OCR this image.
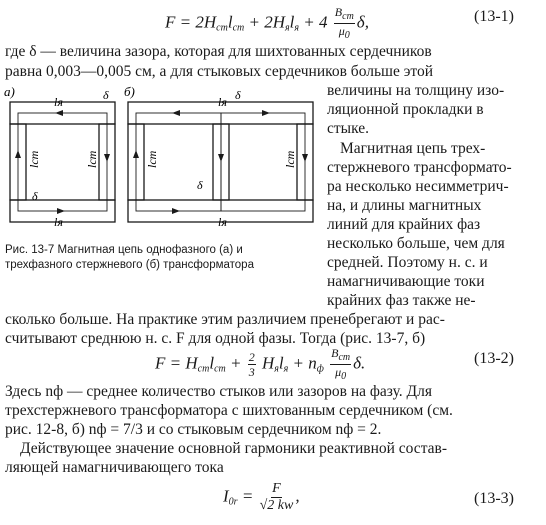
$F = 2H_{ст}l_{ст} + 2H_яl_я + 4 \frac{B_{ст}}{\mu_0} \delta$,	(13-1)
где δ — величина зазора, которая для шихтованных сердечников
равна 0,003—0,005 см, а для стыковых сердечников больше этой
величины на толщину изо-
ляционной прокладки в
стыке.
Магнитная цепь трех-
стержневого трансформато-
ра несколько несимметрич-
на, и длины магнитных
линий для крайних фаз
несколько больше, чем для
средней. Поэтому н. с. и
намагничивающие токи
крайних фаз также не-
а)	б)
lя
lя
lст	lст
δ
δ
lя
lя
lст	lст
δ
δ
Рис. 13-7 Магнитная цепь однофазного (а) и
трехфазного стержневого (б) трансформатора
сколько больше. На практике этим различием пренебрегают и рас-
считывают среднюю н. с. F для одной фазы. Тогда (рис. 13-7, б)
$F = H_{ст}l_{ст} + \frac{2}{3} H_яl_я + n_ф \frac{B_{ст}}{\mu_0} \delta$.	(13-2)
Здесь nф — среднее количество стыков или зазоров на фазу. Для
трехстержневого трансформатора с шихтованным сердечником (см.
рис. 12-8, б) nф = 7/3 и со стыковым сердечником nф = 2.
Действующее значение основной гармоники реактивной состав-
ляющей намагничивающего тока
$I_{0r} = \frac{F}{√2 kw}$ ,	(13-3)
